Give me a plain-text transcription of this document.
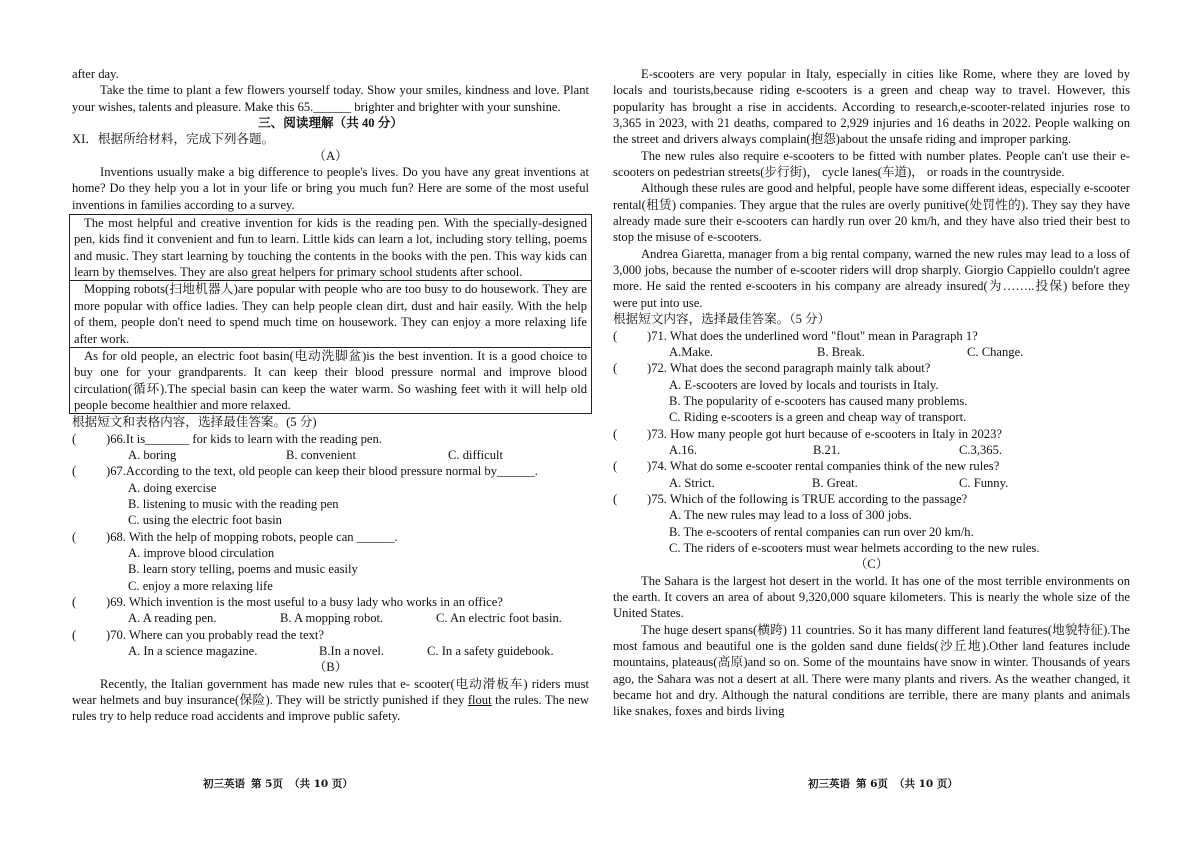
after day.

Take the time to plant a few flowers yourself today. Show your smiles, kindness and love. Plant your wishes, talents and pleasure. Make this 65.______ brighter and brighter with your sunshine.

三、阅读理解（共 40 分）

XI．根据所给材料，完成下列各题。

（A）

Inventions usually make a big difference to people's lives. Do you have any great inventions at home? Do they help you a lot in your life or bring you much fun? Here are some of the most useful inventions in families according to a survey.

The most helpful and creative invention for kids is the reading pen. With the specially-designed pen, kids find it convenient and fun to learn. Little kids can learn a lot, including story telling, poems and music. They start learning by touching the contents in the books with the pen. This way kids can learn by themselves. They are also great helpers for primary school students after school.
Mopping robots(扫地机器人)are popular with people who are too busy to do housework. They are more popular with office ladies. They can help people clean dirt, dust and hair easily. With the help of them, people don't need to spend much time on housework. They can enjoy a more relaxing life after work.
As for old people, an electric foot basin(电动洗脚盆)is the best invention. It is a good choice to buy one for your grandparents. It can keep their blood pressure normal and improve blood circulation(循环).The special basin can keep the water warm. So washing feet with it will help old people become healthier and more relaxed.

根据短文和表格内容，选择最佳答案。(5 分)

( )66.It is_______ for kids to learn with the reading pen.

A. boring	B. convenient	C. difficult

( )67.According to the text, old people can keep their blood pressure normal by______.

A. doing exercise

B. listening to music with the reading pen

C. using the electric foot basin

( )68. With the help of mopping robots, people can ______.

A. improve blood circulation

B. learn story telling, poems and music easily

C. enjoy a more relaxing life

( )69. Which invention is the most useful to a busy lady who works in an office?

A. A reading pen.	B. A mopping robot.	C. An electric foot basin.

( )70. Where can you probably read the text?

A. In a science magazine.	B.In a novel.	C. In a safety guidebook.

（B）

Recently, the Italian government has made new rules that e- scooter(电动滑板车) riders must wear helmets and buy insurance(保险). They will be strictly punished if they flout the rules. The new rules try to help reduce road accidents and improve public safety.

初三英语 第 5页 （共 10 页）

E-scooters are very popular in Italy, especially in cities like Rome, where they are loved by locals and tourists,because riding e-scooters is a green and cheap way to travel. However, this popularity has brought a rise in accidents. According to research,e-scooter-related injuries rose to 3,365 in 2023, with 21 deaths, compared to 2,929 injuries and 16 deaths in 2022. People walking on the street and drivers always complain(抱怨)about the unsafe riding and improper parking.

The new rules also require e-scooters to be fitted with number plates. People can't use their e-scooters on pedestrian streets(步行街)， cycle lanes(车道)， or roads in the countryside.

Although these rules are good and helpful, people have some different ideas, especially e-scooter rental(租赁) companies. They argue that the rules are overly punitive(处罚性的). They say they have already made sure their e-scooters can hardly run over 20 km/h, and they have also tried their best to stop the misuse of e-scooters.

Andrea Giaretta, manager from a big rental company, warned the new rules may lead to a loss of 3,000 jobs, because the number of e-scooter riders will drop sharply. Giorgio Cappiello couldn't agree more. He said the rented e-scooters in his company are already insured(为……..投保) before they were put into use.

根据短文内容，选择最佳答案。（5 分）

( )71. What does the underlined word "flout" mean in Paragraph 1?

A.Make.	B. Break.	C. Change.

( )72. What does the second paragraph mainly talk about?

A. E-scooters are loved by locals and tourists in Italy.

B. The popularity of e-scooters has caused many problems.

C. Riding e-scooters is a green and cheap way of transport.

( )73. How many people got hurt because of e-scooters in Italy in 2023?

A.16.	B.21.	C.3,365.

( )74. What do some e-scooter rental companies think of the new rules?

A. Strict.	B. Great.	C. Funny.

( )75. Which of the following is TRUE according to the passage?

A. The new rules may lead to a loss of 300 jobs.

B. The e-scooters of rental companies can run over 20 km/h.

C. The riders of e-scooters must wear helmets according to the new rules.

（C）

The Sahara is the largest hot desert in the world. It has one of the most terrible environments on the earth. It covers an area of about 9,320,000 square kilometers. This is nearly the whole size of the United States.

The huge desert spans(横跨) 11 countries. So it has many different land features(地貌特征).The most famous and beautiful one is the golden sand dune fields(沙丘地).Other land features include mountains, plateaus(高原)and so on. Some of the mountains have snow in winter. Thousands of years ago, the Sahara was not a desert at all. There were many plants and rivers. As the weather changed, it became hot and dry. Although the natural conditions are terrible, there are many plants and animals like snakes, foxes and birds living

初三英语 第 6页 （共 10 页）
